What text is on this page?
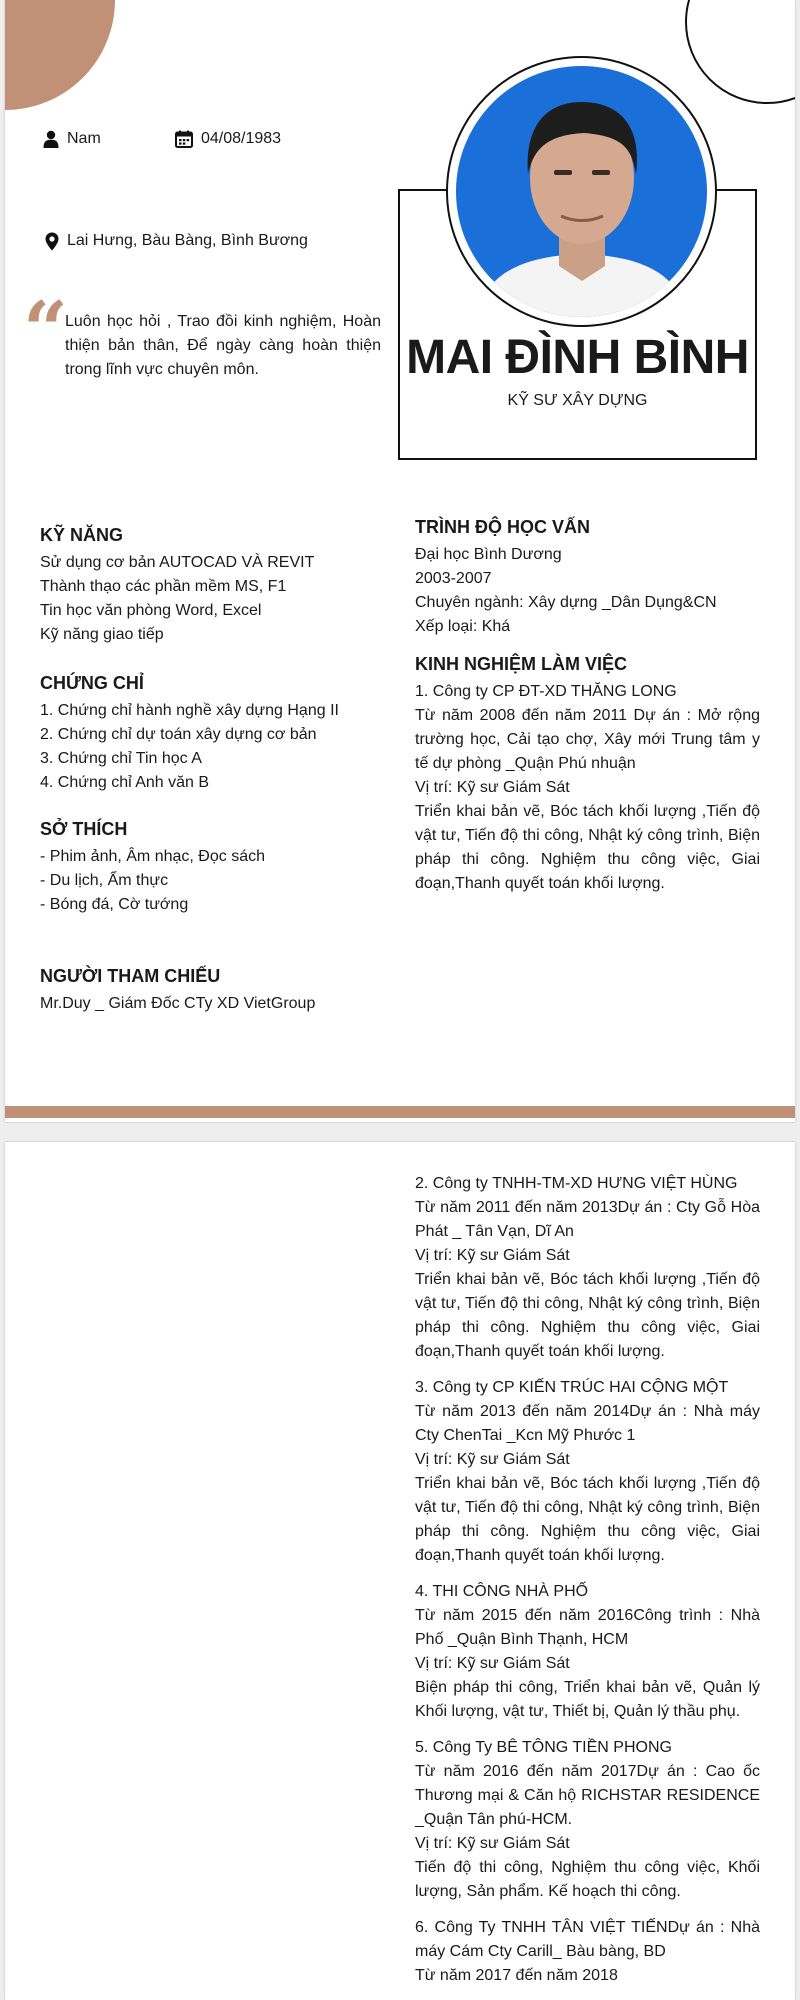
Nam	04/08/1983
Lai Hưng, Bàu Bàng, Bình Bương
“
Luôn học hỏi , Trao đồi kinh nghiệm, Hoàn thiện bản thân, Để ngày càng hoàn thiện trong lĩnh vực chuyên môn.	MAI ĐÌNH BÌNH
KỸ SƯ XÂY DỰNG
KỸ NĂNG
Sử dụng cơ bản AUTOCAD VÀ REVIT
Thành thạo các phần mềm MS, F1
Tin học văn phòng Word, Excel
Kỹ năng giao tiếp
CHỨNG CHỈ
1. Chứng chỉ hành nghề xây dựng Hạng II
2. Chứng chỉ dự toán xây dựng cơ bản
3. Chứng chỉ Tin học A
4. Chứng chỉ Anh văn B
SỞ THÍCH
- Phim ảnh, Âm nhạc, Đọc sách
- Du lịch, Ẩm thực
- Bóng đá, Cờ tướng
NGƯỜI THAM CHIẾU
Mr.Duy _ Giám Đốc CTy XD VietGroup
TRÌNH ĐỘ HỌC VẤN
Đại học Bình Dương
2003-2007
Chuyên ngành: Xây dựng _Dân Dụng&CN
Xếp loại: Khá
KINH NGHIỆM LÀM VIỆC
1. Công ty CP ĐT-XD THĂNG LONG
Từ năm 2008 đến năm 2011 Dự án : Mở rộng trường học, Cải tạo chợ, Xây mới Trung tâm y tế dự phòng _Quận Phú nhuận
Vị trí: Kỹ sư Giám Sát
Triển khai bản vẽ, Bóc tách khối lượng ,Tiến độ vật tư, Tiến độ thi công, Nhật ký công trình, Biện pháp thi công. Nghiệm thu công việc, Giai đoạn,Thanh quyết toán khối lượng.
2. Công ty TNHH-TM-XD HƯNG VIỆT HÙNG
Từ năm 2011 đến năm 2013Dự án : Cty Gỗ Hòa Phát _ Tân Vạn, Dĩ An
Vị trí: Kỹ sư Giám Sát
Triển khai bản vẽ, Bóc tách khối lượng ,Tiến độ vật tư, Tiến độ thi công, Nhật ký công trình, Biện pháp thi công. Nghiệm thu công việc, Giai đoạn,Thanh quyết toán khối lượng.
3. Công ty CP KIẾN TRÚC HAI CỘNG MỘT
Từ năm 2013 đến năm 2014Dự án : Nhà máy Cty ChenTai _Kcn Mỹ Phước 1
Vị trí: Kỹ sư Giám Sát
Triển khai bản vẽ, Bóc tách khối lượng ,Tiến độ vật tư, Tiến độ thi công, Nhật ký công trình, Biện pháp thi công. Nghiệm thu công việc, Giai đoạn,Thanh quyết toán khối lượng.
4. THI CÔNG NHÀ PHỐ
Từ năm 2015 đến năm 2016Công trình : Nhà Phố _Quận Bình Thạnh, HCM
Vị trí: Kỹ sư Giám Sát
Biện pháp thi công, Triển khai bản vẽ, Quản lý Khối lượng, vật tư, Thiết bị, Quản lý thầu phụ.
5. Công Ty BÊ TÔNG TIỀN PHONG
Từ năm 2016 đến năm 2017Dự án : Cao ốc Thương mại & Căn hộ RICHSTAR RESIDENCE _Quận Tân phú-HCM.
Vị trí: Kỹ sư Giám Sát
Tiến độ thi công, Nghiệm thu công việc, Khối lượng, Sản phẩm. Kế hoạch thi công.
6. Công Ty TNHH TÂN VIỆT TIẾNDự án : Nhà máy Cám Cty Carill_ Bàu bàng, BD
Từ năm 2017 đến năm 2018
